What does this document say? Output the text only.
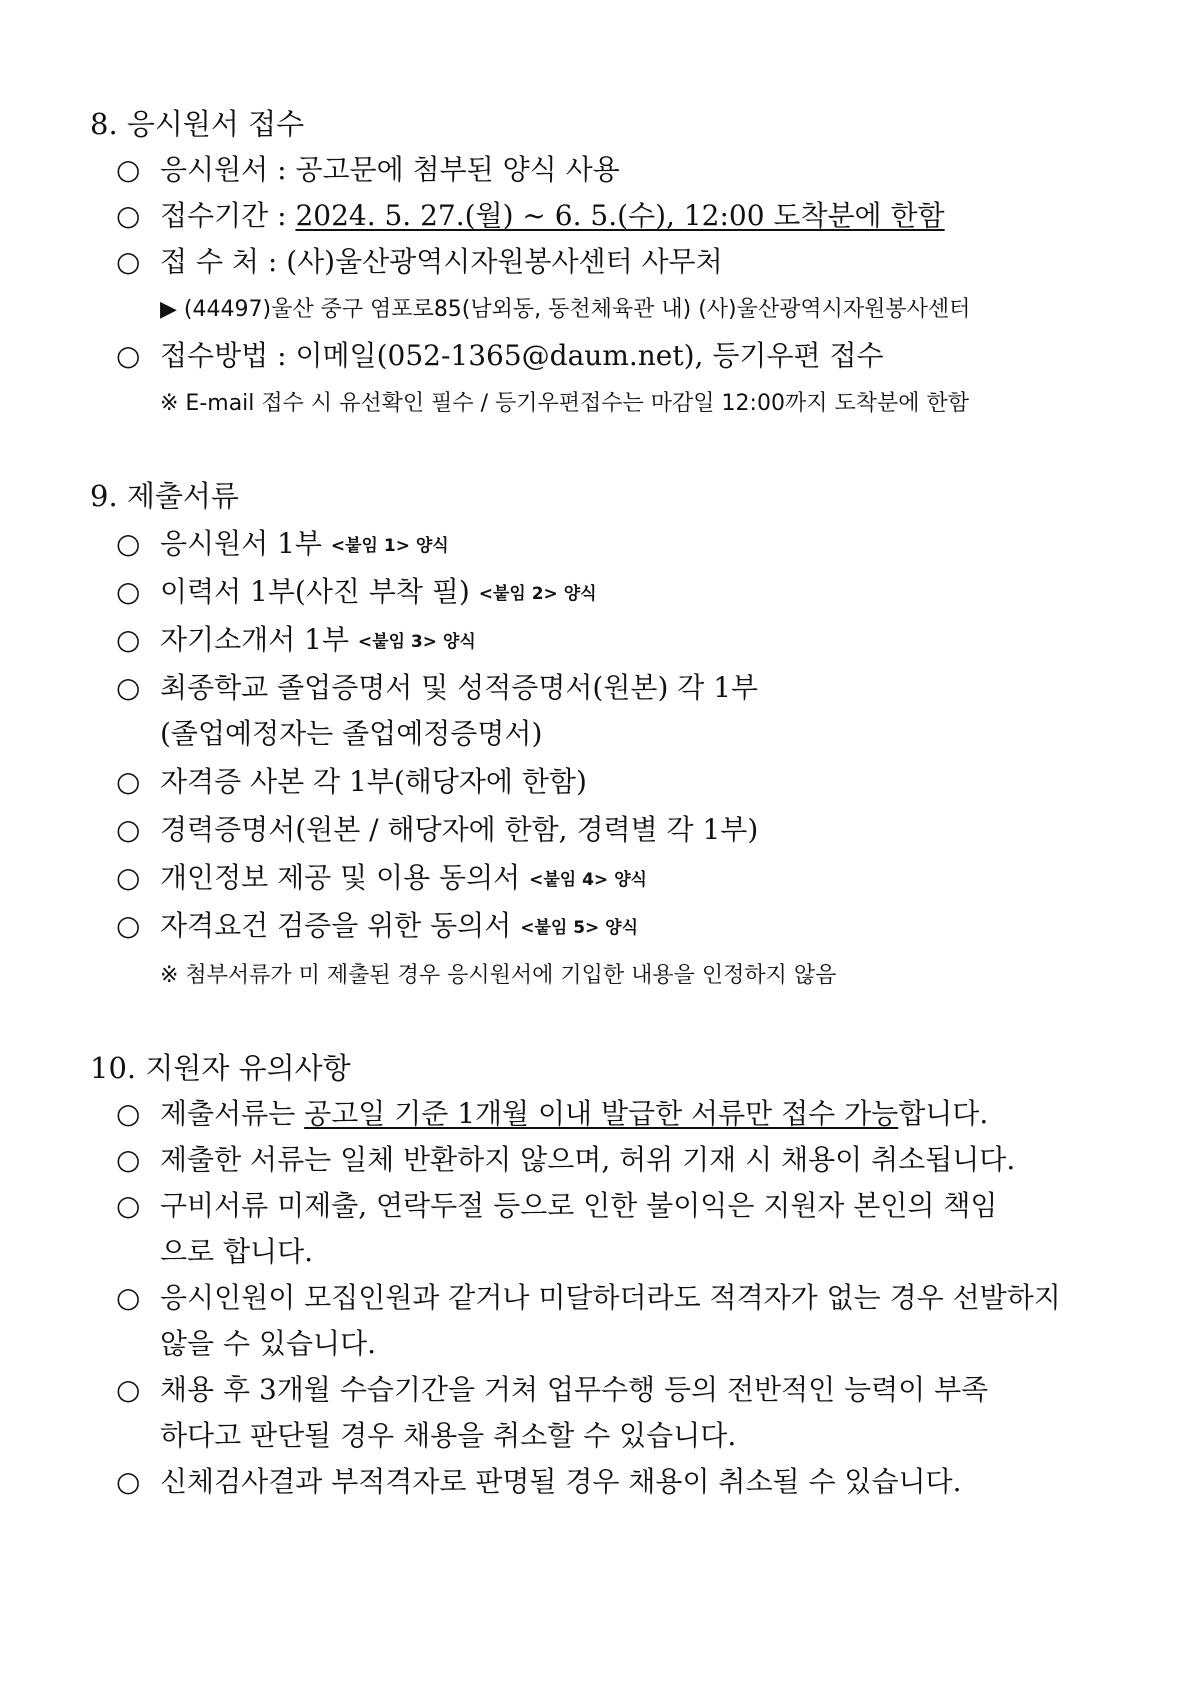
8. 응시원서 접수
○ 응시원서 : 공고문에 첨부된 양식 사용
○ 접수기간 : 2024. 5. 27.(월) ~ 6. 5.(수), 12:00 도착분에 한함
○ 접 수 처 : (사)울산광역시자원봉사센터 사무처
▶ (44497)울산 중구 염포로85(남외동, 동천체육관 내) (사)울산광역시자원봉사센터
○ 접수방법 : 이메일(052-1365@daum.net), 등기우편 접수
※ E-mail 접수 시 유선확인 필수 / 등기우편접수는 마감일 12:00까지 도착분에 한함
9. 제출서류
○ 응시원서 1부 <붙임 1> 양식
○ 이력서 1부(사진 부착 필) <붙임 2> 양식
○ 자기소개서 1부 <붙임 3> 양식
○ 최종학교 졸업증명서 및 성적증명서(원본) 각 1부
(졸업예정자는 졸업예정증명서)
○ 자격증 사본 각 1부(해당자에 한함)
○ 경력증명서(원본 / 해당자에 한함, 경력별 각 1부)
○ 개인정보 제공 및 이용 동의서 <붙임 4> 양식
○ 자격요건 검증을 위한 동의서 <붙임 5> 양식
※ 첨부서류가 미 제출된 경우 응시원서에 기입한 내용을 인정하지 않음
10. 지원자 유의사항
○ 제출서류는 공고일 기준 1개월 이내 발급한 서류만 접수 가능합니다.
○ 제출한 서류는 일체 반환하지 않으며, 허위 기재 시 채용이 취소됩니다.
○ 구비서류 미제출, 연락두절 등으로 인한 불이익은 지원자 본인의 책임
으로 합니다.
○ 응시인원이 모집인원과 같거나 미달하더라도 적격자가 없는 경우 선발하지
않을 수 있습니다.
○ 채용 후 3개월 수습기간을 거쳐 업무수행 등의 전반적인 능력이 부족
하다고 판단될 경우 채용을 취소할 수 있습니다.
○ 신체검사결과 부적격자로 판명될 경우 채용이 취소될 수 있습니다.
